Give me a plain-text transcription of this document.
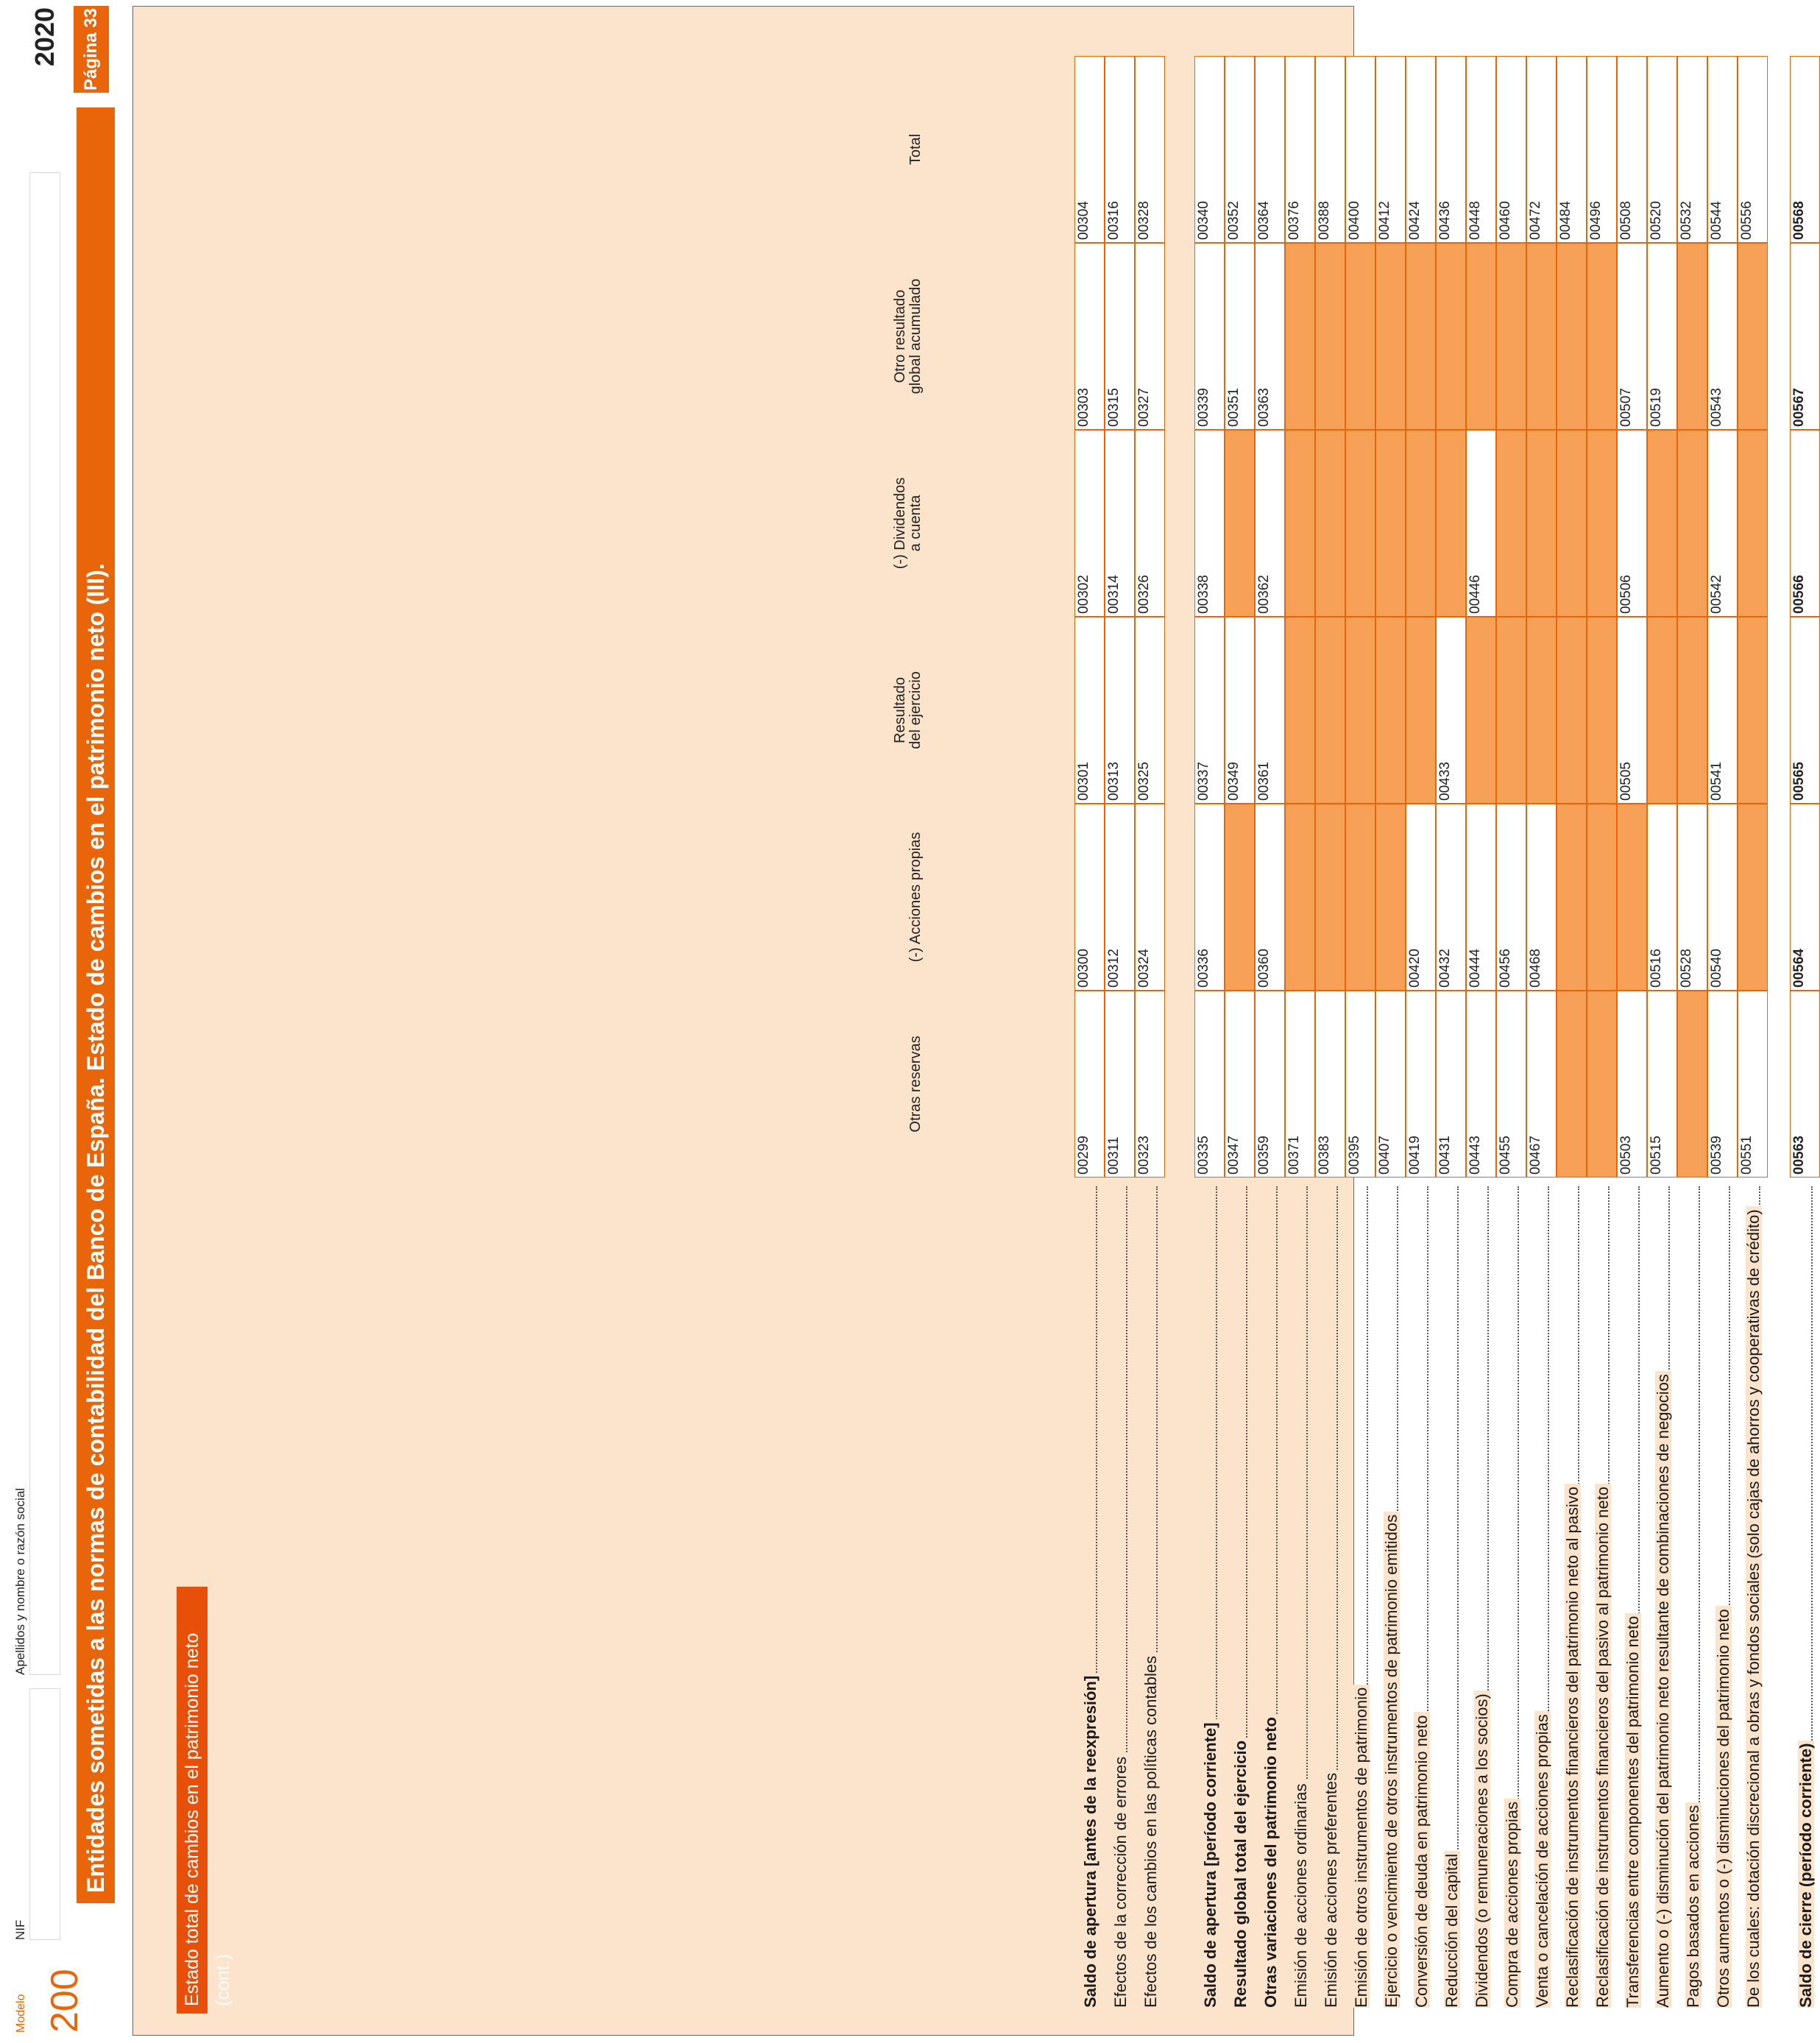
Modelo 200
NIF
Apellidos y nombre o razón social
2020	Página 33
Entidades sometidas a las normas de contabilidad del Banco de España. Estado de cambios en el patrimonio neto (III).	Estado total de cambios en el patrimonio neto (cont.)
Otras reservas
(-) Acciones propias
Resultado
del ejercicio
(-) Dividendos
a cuenta
Otro resultado
global acumulado
Total
Saldo de apertura [antes de la reexpresión]
00299
00300
00301
00302
00303
00304
Efectos de la corrección de errores
00311
00312
00313
00314
00315
00316
Efectos de los cambios en las políticas contables
00323
00324
00325
00326
00327
00328
Saldo de apertura [período corriente]
00335
00336
00337
00338
00339
00340
Resultado global total del ejercicio
00347
00349
00351
00352
Otras variaciones del patrimonio neto
00359
00360
00361
00362
00363
00364
Emisión de acciones ordinarias
00371
00376
Emisión de acciones preferentes
00383
00388
Emisión de otros instrumentos de patrimonio
00395
00400
Ejercicio o vencimiento de otros instrumentos de patrimonio emitidos
00407
00412
Conversión de deuda en patrimonio neto
00419
00420
00424
Reducción del capital
00431
00432
00433
00436
Dividendos (o remuneraciones a los socios)
00443
00444
00446
00448
Compra de acciones propias
00455
00456
00460
Venta o cancelación de acciones propias
00467
00468
00472
Reclasificación de instrumentos financieros del patrimonio neto al pasivo
00484
Reclasificación de instrumentos financieros del pasivo al patrimonio neto
00496
Transferencias entre componentes del patrimonio neto
00503
00505
00506
00507
00508
Aumento o (-) disminución del patrimonio neto resultante de combinaciones de negocios
00515
00516
00519
00520
Pagos basados en acciones
00528
00532
Otros aumentos o (-) disminuciones del patrimonio neto
00539
00540
00541
00542
00543
00544
De los cuales: dotación discrecional a obras y fondos sociales (solo cajas de ahorros y cooperativas de crédito)
00551
00556
Saldo de cierre (período corriente)
00563
00564
00565
00566
00567
00568
